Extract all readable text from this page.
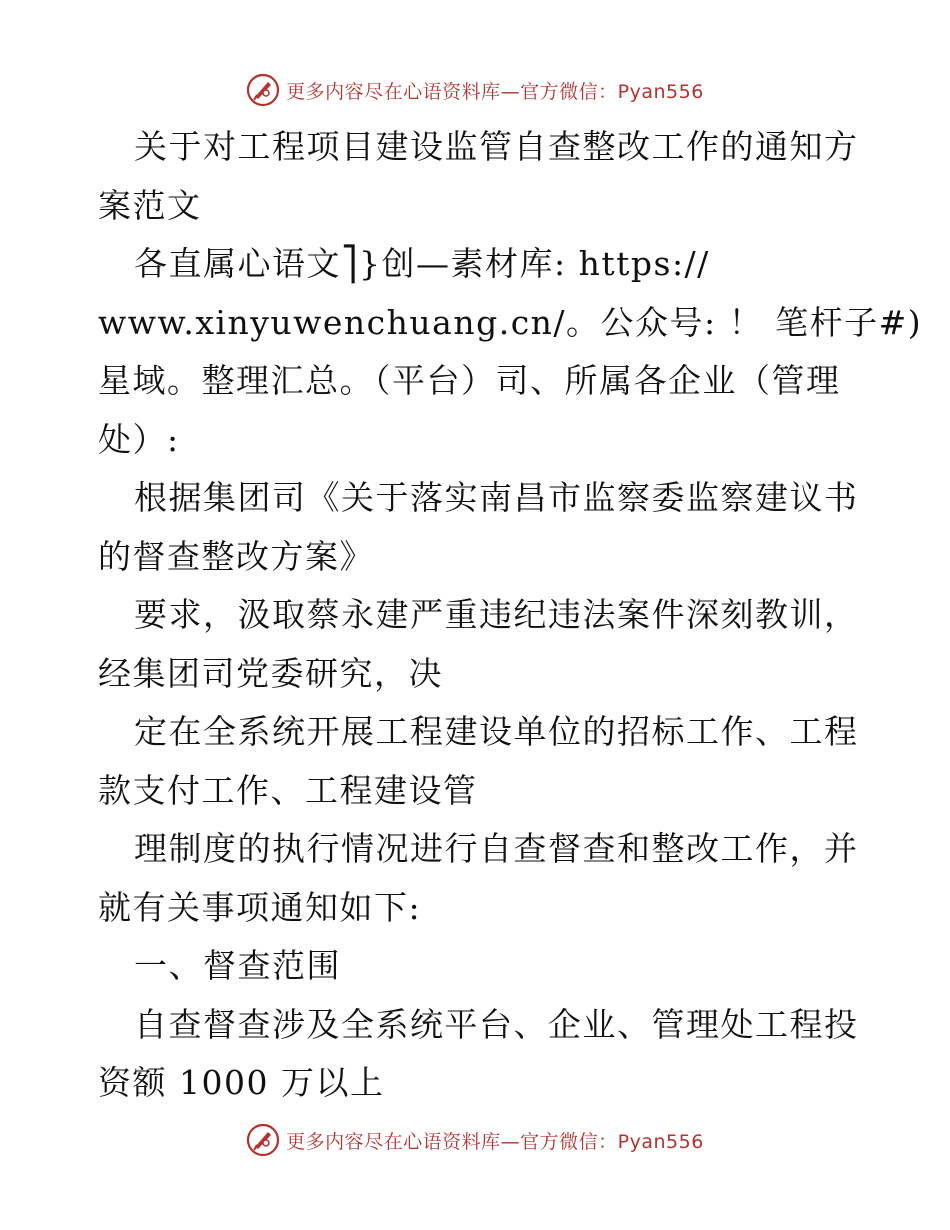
更多内容尽在心语资料库—官方微信：Pyan556
关于对工程项目建设监管自查整改工作的通知方
案范文
各直属心语文⎤}创—素材库: https://
www.xinyuwenchuang.cn/。公众号: ！ 笔杆子#)
星域。整理汇总。（平台）司、所属各企业（管理
处）:
根据集团司《关于落实南昌市监察委监察建议书
的督查整改方案》
要求，汲取蔡永建严重违纪违法案件深刻教训，
经集团司党委研究，决
定在全系统开展工程建设单位的招标工作、工程
款支付工作、工程建设管
理制度的执行情况进行自查督查和整改工作，并
就有关事项通知如下:
一、督查范围
自查督查涉及全系统平台、企业、管理处工程投
资额 1000 万以上
更多内容尽在心语资料库—官方微信：Pyan556
